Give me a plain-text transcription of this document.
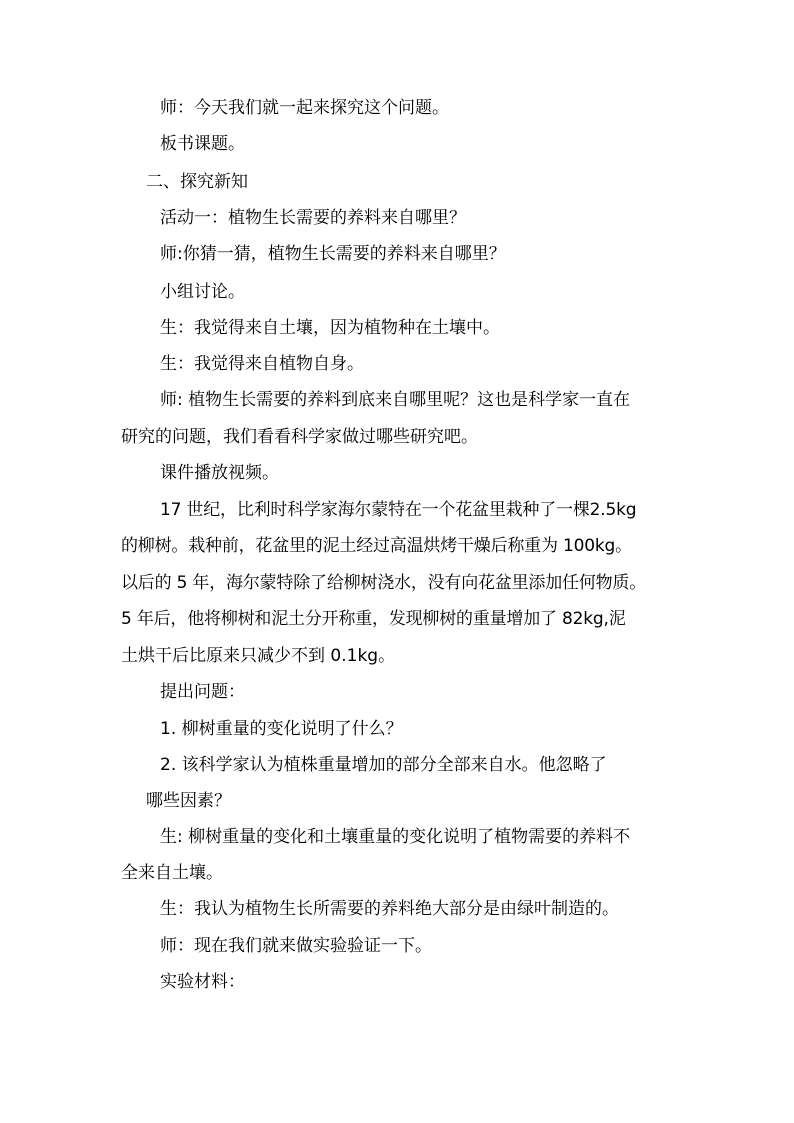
师：今天我们就一起来探究这个问题。
板书课题。
二、探究新知
活动一：植物生长需要的养料来自哪里？
师:你猜一猜，植物生长需要的养料来自哪里？
小组讨论。
生：我觉得来自土壤，因为植物种在土壤中。
生：我觉得来自植物自身。
师: 植物生长需要的养料到底来自哪里呢？这也是科学家一直在
研究的问题，我们看看科学家做过哪些研究吧。
课件播放视频。
17 世纪，比利时科学家海尔蒙特在一个花盆里栽种了一棵2.5kg
的柳树。栽种前，花盆里的泥土经过高温烘烤干燥后称重为 100kg。
以后的 5 年，海尔蒙特除了给柳树浇水，没有向花盆里添加任何物质。
5 年后，他将柳树和泥土分开称重，发现柳树的重量增加了 82kg,泥
土烘干后比原来只减少不到 0.1kg。
提出问题：
1. 柳树重量的变化说明了什么？
2. 该科学家认为植株重量增加的部分全部来自水。他忽略了
哪些因素？
生: 柳树重量的变化和土壤重量的变化说明了植物需要的养料不
全来自土壤。
生：我认为植物生长所需要的养料绝大部分是由绿叶制造的。
师：现在我们就来做实验验证一下。
实验材料：
